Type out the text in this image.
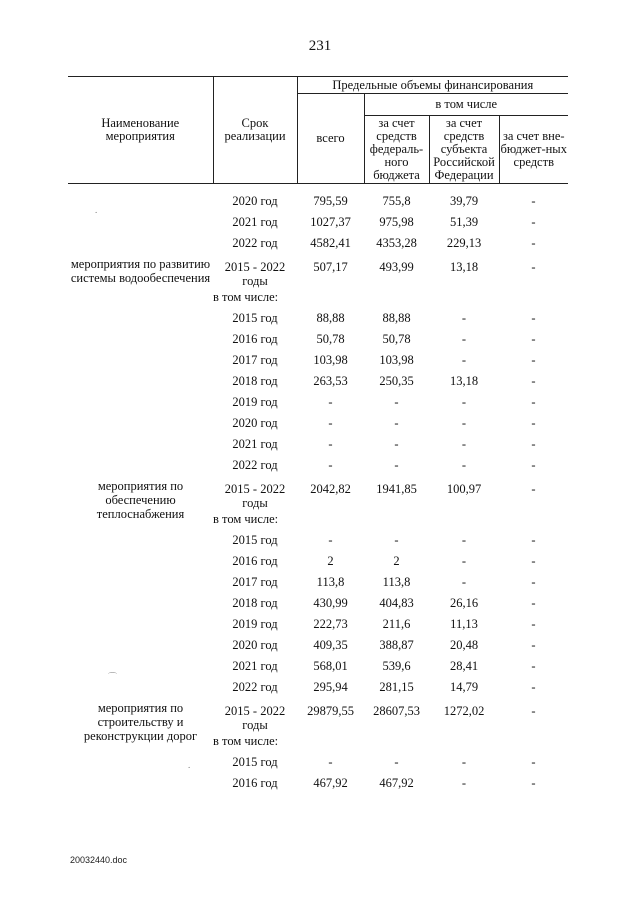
231
Наименование мероприятия	Срок реализации	Предельные объемы финансирования			
		всего	в том числе		
			за счет средств федераль-ного бюджета	за счет средств субъекта Российской Федерации	за счет вне-бюджет-ных средств

	2020 год	795,59	755,8	39,79	-
	2021 год	1027,37	975,98	51,39	-
	2022 год	4582,41	4353,28	229,13	-
мероприятия по развитию системы водообеспечения	2015 - 2022 годы	507,17	493,99	13,18	-
	в том числе:				
	2015 год	88,88	88,88	-	-
	2016 год	50,78	50,78	-	-
	2017 год	103,98	103,98	-	-
	2018 год	263,53	250,35	13,18	-
	2019 год	-	-	-	-
	2020 год	-	-	-	-
	2021 год	-	-	-	-
	2022 год	-	-	-	-
мероприятия по обеспечению теплоснабжения	2015 - 2022 годы	2042,82	1941,85	100,97	-
	в том числе:				
	2015 год	-	-	-	-
	2016 год	2	2	-	-
	2017 год	113,8	113,8	-	-
	2018 год	430,99	404,83	26,16	-
	2019 год	222,73	211,6	11,13	-
	2020 год	409,35	388,87	20,48	-
	2021 год	568,01	539,6	28,41	-
	2022 год	295,94	281,15	14,79	-
мероприятия по строительству и реконструкции дорог	2015 - 2022 годы	29879,55	28607,53	1272,02	-
	в том числе:				
	2015 год	-	-	-	-
	2016 год	467,92	467,92	-	-
20032440.doc
.
⌒
.
